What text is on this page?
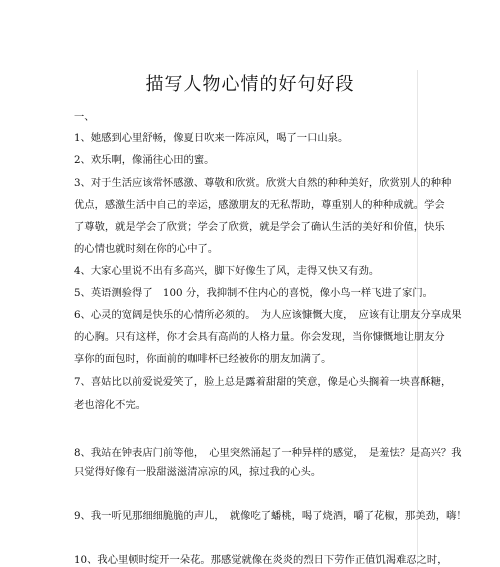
描写人物心情的好句好段
一、
1、她感到心里舒畅，像夏日吹来一阵凉风，喝了一口山泉。
2、欢乐啊，像涌往心田的蜜。
3、对于生活应该常怀感激、尊敬和欣赏。欣赏大自然的种种美好，欣赏别人的种种
优点，感激生活中自己的幸运，感激朋友的无私帮助，尊重别人的种种成就。学会
了尊敬，就是学会了欣赏；学会了欣赏，就是学会了确认生活的美好和价值，快乐
的心情也就时刻在你的心中了。
4、大家心里说不出有多高兴，脚下好像生了风，走得又快又有劲。
5、英语测验得了　100 分，我抑制不住内心的喜悦，像小鸟一样飞进了家门。
6、心灵的宽阔是快乐的心情所必须的。　为人应该慷慨大度，　应该有让朋友分享成果
的心胸。只有这样，你才会具有高尚的人格力量。你会发现，当你慷慨地让朋友分
享你的面包时，你面前的咖啡杯已经被你的朋友加满了。
7、喜姑比以前爱说爱笑了，脸上总是露着甜甜的笑意，像是心头搁着一块喜酥糖，
老也溶化不完。
8、我站在钟表店门前等他，　心里突然涌起了一种异样的感觉，　是羞怯？是高兴？我
只觉得好像有一股甜滋滋清凉凉的风，掠过我的心头。
9、我一听见那细细脆脆的声儿，　就像吃了蟠桃，喝了烧酒，嚼了花椒，那美劲，嗨！
10、我心里顿时绽开一朵花。那感觉就像在炎炎的烈日下劳作正值饥渴难忍之时，
